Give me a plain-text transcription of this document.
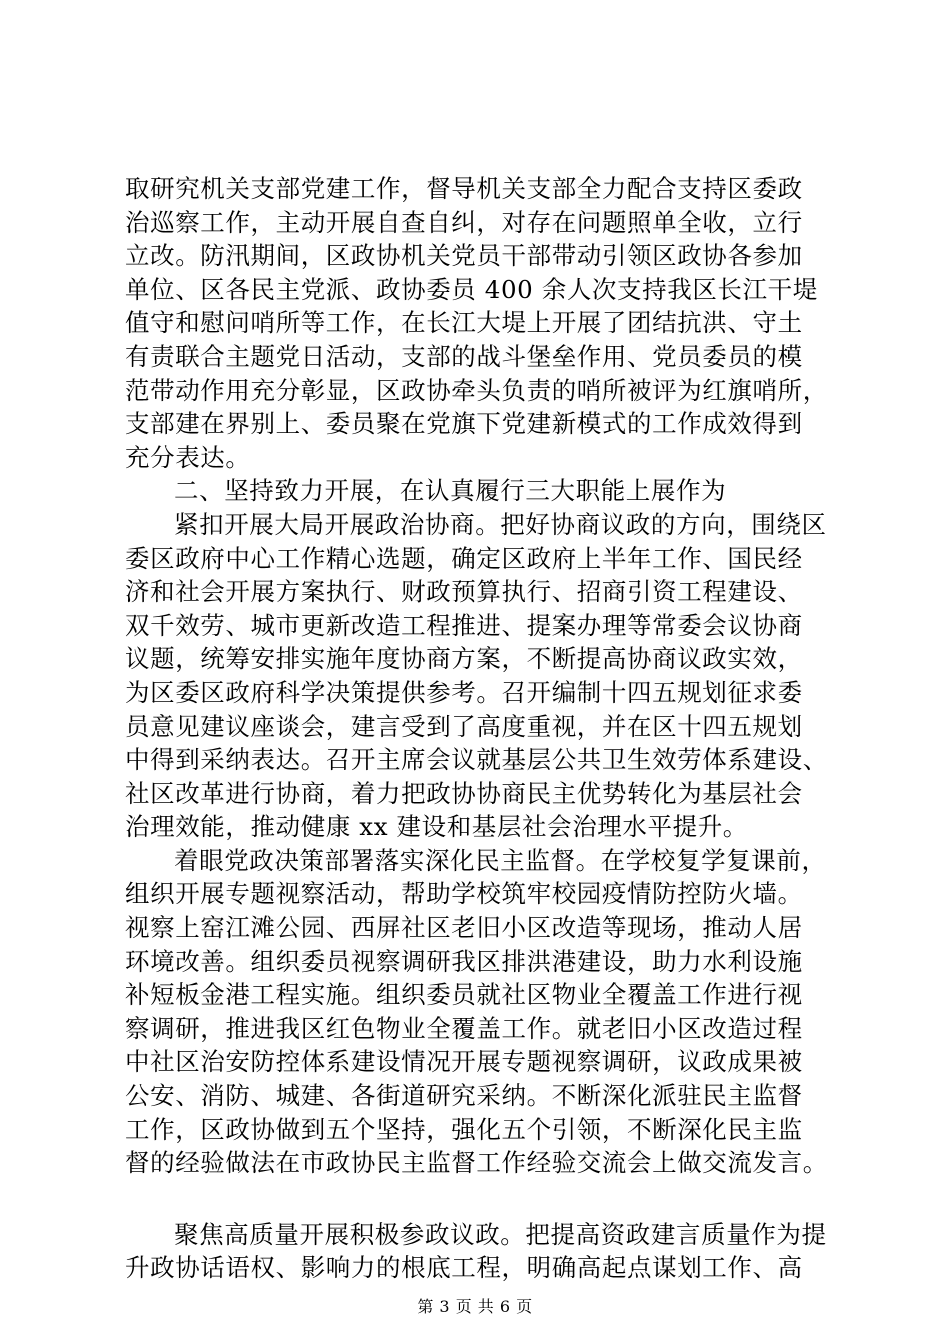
取研究机关支部党建工作，督导机关支部全力配合支持区委政
治巡察工作，主动开展自查自纠，对存在问题照单全收，立行
立改。防汛期间，区政协机关党员干部带动引领区政协各参加
单位、区各民主党派、政协委员 400 余人次支持我区长江干堤
值守和慰问哨所等工作，在长江大堤上开展了团结抗洪、守土
有责联合主题党日活动，支部的战斗堡垒作用、党员委员的模
范带动作用充分彰显，区政协牵头负责的哨所被评为红旗哨所，
支部建在界别上、委员聚在党旗下党建新模式的工作成效得到
充分表达。
二、坚持致力开展，在认真履行三大职能上展作为
紧扣开展大局开展政治协商。把好协商议政的方向，围绕区
委区政府中心工作精心选题，确定区政府上半年工作、国民经
济和社会开展方案执行、财政预算执行、招商引资工程建设、
双千效劳、城市更新改造工程推进、提案办理等常委会议协商
议题，统筹安排实施年度协商方案，不断提高协商议政实效，
为区委区政府科学决策提供参考。召开编制十四五规划征求委
员意见建议座谈会，建言受到了高度重视，并在区十四五规划
中得到采纳表达。召开主席会议就基层公共卫生效劳体系建设、
社区改革进行协商，着力把政协协商民主优势转化为基层社会
治理效能，推动健康 xx 建设和基层社会治理水平提升。
着眼党政决策部署落实深化民主监督。在学校复学复课前，
组织开展专题视察活动，帮助学校筑牢校园疫情防控防火墙。
视察上窑江滩公园、西屏社区老旧小区改造等现场，推动人居
环境改善。组织委员视察调研我区排洪港建设，助力水利设施
补短板金港工程实施。组织委员就社区物业全覆盖工作进行视
察调研，推进我区红色物业全覆盖工作。就老旧小区改造过程
中社区治安防控体系建设情况开展专题视察调研，议政成果被
公安、消防、城建、各街道研究采纳。不断深化派驻民主监督
工作，区政协做到五个坚持，强化五个引领，不断深化民主监
督的经验做法在市政协民主监督工作经验交流会上做交流发言。
聚焦高质量开展积极参政议政。把提高资政建言质量作为提
升政协话语权、影响力的根底工程，明确高起点谋划工作、高
第 3 页 共 6 页
